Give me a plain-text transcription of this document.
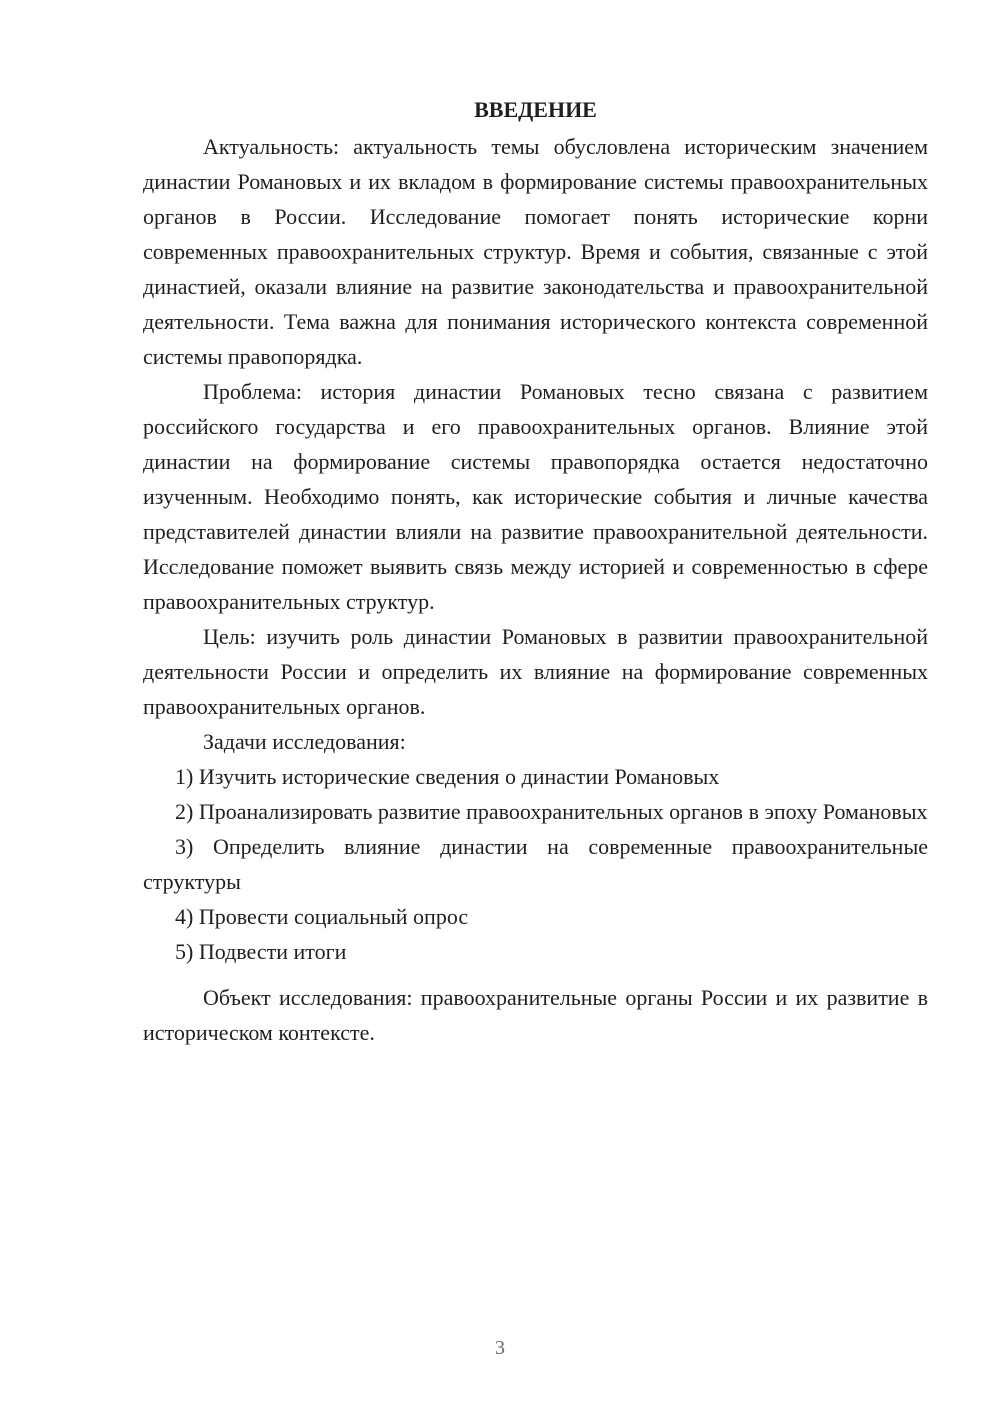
ВВЕДЕНИЕ

Актуальность: актуальность темы обусловлена историческим значением династии Романовых и их вкладом в формирование системы правоохранительных органов в России. Исследование помогает понять исторические корни современных правоохранительных структур. Время и события, связанные с этой династией, оказали влияние на развитие законодательства и правоохранительной деятельности. Тема важна для понимания исторического контекста современной системы правопорядка.

Проблема: история династии Романовых тесно связана с развитием российского государства и его правоохранительных органов. Влияние этой династии на формирование системы правопорядка остается недостаточно изученным. Необходимо понять, как исторические события и личные качества представителей династии влияли на развитие правоохранительной деятельности. Исследование поможет выявить связь между историей и современностью в сфере правоохранительных структур.

Цель: изучить роль династии Романовых в развитии правоохранительной деятельности России и определить их влияние на формирование современных правоохранительных органов.

Задачи исследования:

1) Изучить исторические сведения о династии Романовых

2) Проанализировать развитие правоохранительных органов в эпоху Романовых

3) Определить влияние династии на современные правоохранительные структуры

4) Провести социальный опрос

5) Подвести итоги

Объект исследования: правоохранительные органы России и их развитие в историческом контексте.

3
